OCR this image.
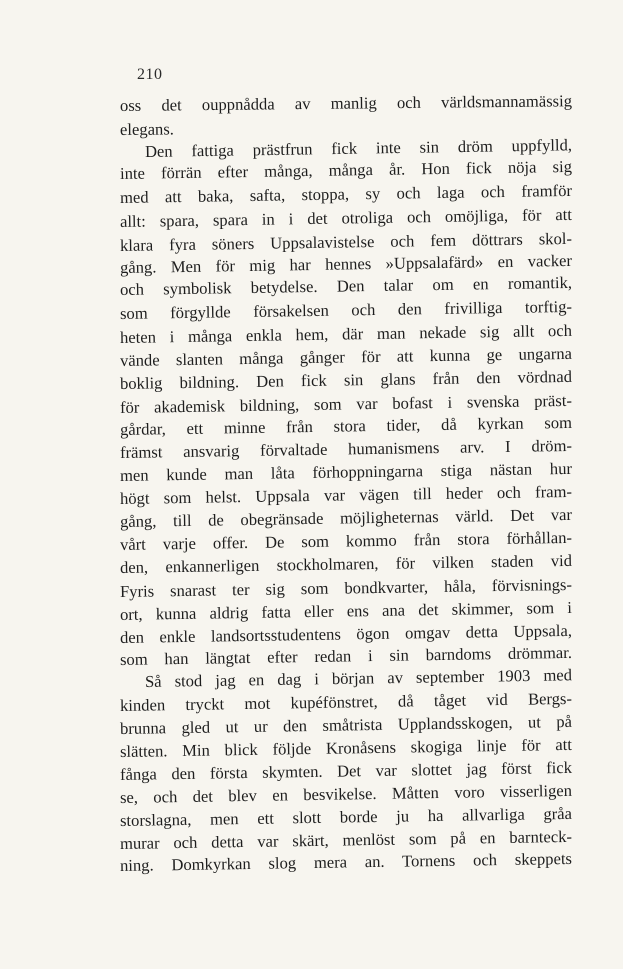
210
oss det ouppnådda av manlig och världsmannamässig
elegans.
Den fattiga prästfrun fick inte sin dröm uppfylld,
inte förrän efter många, många år. Hon fick nöja sig
med att baka, safta, stoppa, sy och laga och framför
allt: spara, spara in i det otroliga och omöjliga, för att
klara fyra söners Uppsalavistelse och fem döttrars skol-
gång. Men för mig har hennes »Uppsalafärd» en vacker
och symbolisk betydelse. Den talar om en romantik,
som förgyllde försakelsen och den frivilliga torftig-
heten i många enkla hem, där man nekade sig allt och
vände slanten många gånger för att kunna ge ungarna
boklig bildning. Den fick sin glans från den vördnad
för akademisk bildning, som var bofast i svenska präst-
gårdar, ett minne från stora tider, då kyrkan som
främst ansvarig förvaltade humanismens arv. I dröm-
men kunde man låta förhoppningarna stiga nästan hur
högt som helst. Uppsala var vägen till heder och fram-
gång, till de obegränsade möjligheternas värld. Det var
vårt varje offer. De som kommo från stora förhållan-
den, enkannerligen stockholmaren, för vilken staden vid
Fyris snarast ter sig som bondkvarter, håla, förvisnings-
ort, kunna aldrig fatta eller ens ana det skimmer, som i
den enkle landsortsstudentens ögon omgav detta Uppsala,
som han längtat efter redan i sin barndoms drömmar.
Så stod jag en dag i början av september 1903 med
kinden tryckt mot kupéfönstret, då tåget vid Bergs-
brunna gled ut ur den småtrista Upplandsskogen, ut på
slätten. Min blick följde Kronåsens skogiga linje för att
fånga den första skymten. Det var slottet jag först fick
se, och det blev en besvikelse. Måtten voro visserligen
storslagna, men ett slott borde ju ha allvarliga gråa
murar och detta var skärt, menlöst som på en barnteck-
ning. Domkyrkan slog mera an. Tornens och skeppets
